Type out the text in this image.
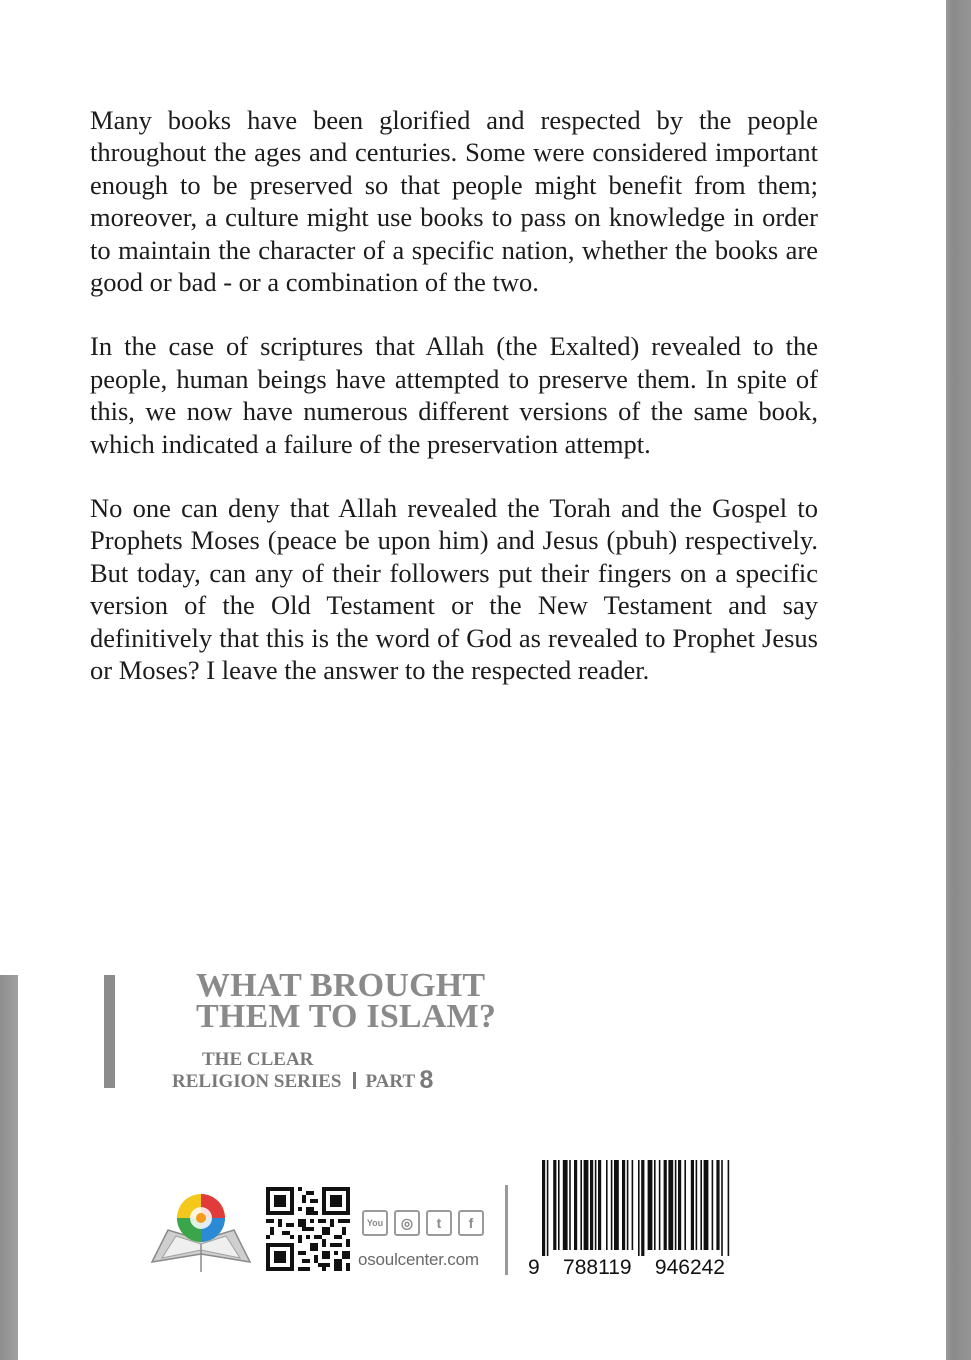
Many books have been glorified and respected by the people throughout the ages and centuries. Some were considered important enough to be preserved so that people might benefit from them; moreover, a culture might use books to pass on knowledge in order to maintain the character of a specific nation, whether the books are good or bad - or a combination of the two.

In the case of scriptures that Allah (the Exalted) revealed to the people, human beings have attempted to preserve them. In spite of this, we now have numerous different versions of the same book, which indicated a failure of the preservation attempt.

No one can deny that Allah revealed the Torah and the Gospel to Prophets Moses (peace be upon him) and Jesus (pbuh) respectively. But today, can any of their followers put their fingers on a specific version of the Old Testament or the New Testament and say definitively that this is the word of God as revealed to Prophet Jesus or Moses? I leave the answer to the respected reader.

WHAT BROUGHT
THEM TO ISLAM?
THE CLEAR
RELIGION SERIES PART 8
You ◎ t f
osoulcenter.com 9 788119 946242
